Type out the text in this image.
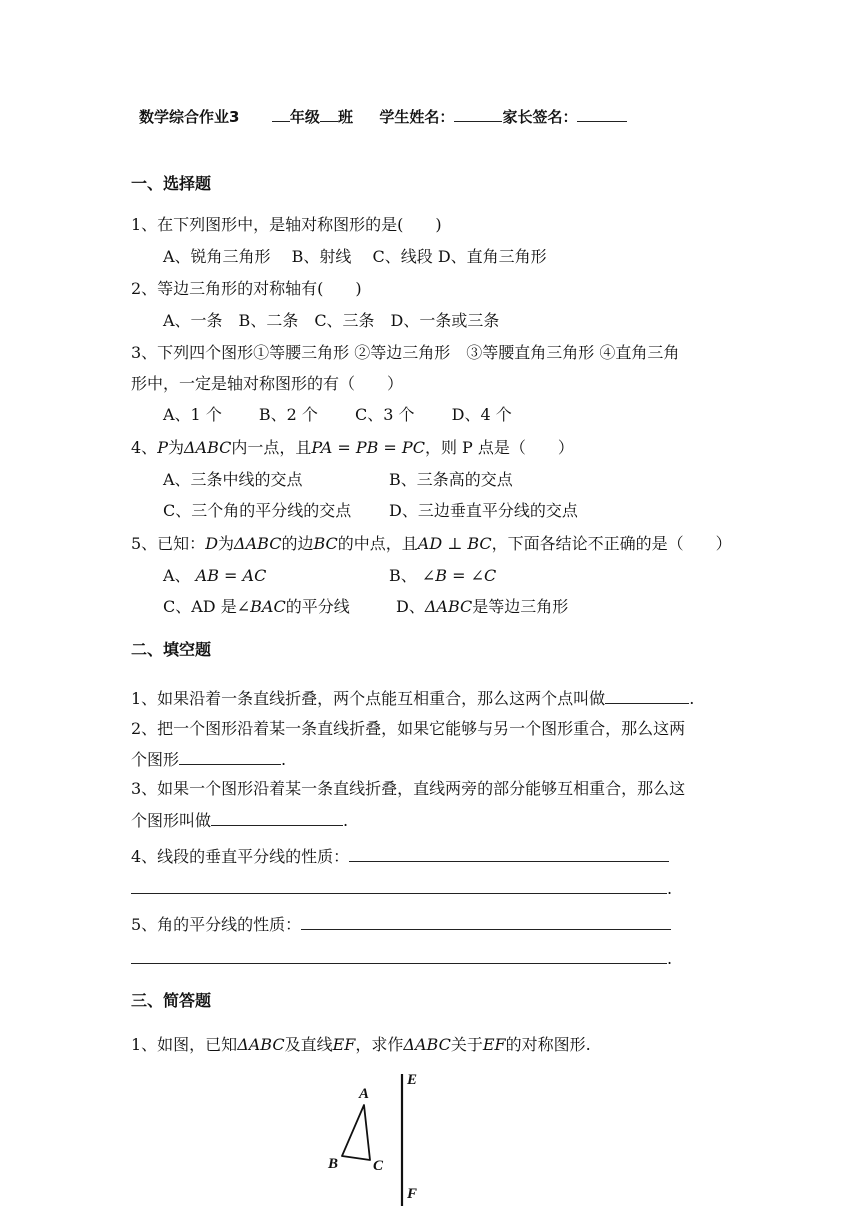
数学综合作业3	年级 班 学生姓名：	家长签名：
一、选择题
1、在下列图形中，是轴对称图形的是(　　)
A、锐角三角形　 B、射线　 C、线段 D、直角三角形
2、等边三角形的对称轴有(　　)
A、一条　B、二条　C、三条　D、一条或三条
3、下列四个图形①等腰三角形 ②等边三角形　③等腰直角三角形 ④直角三角
形中，一定是轴对称图形的有（　　）
A、1 个　　 B、2 个　　 C、3 个　　 D、4 个
4、P为ΔABC内一点，且PA = PB = PC，则 P 点是（　　）
A、三条中线的交点	B、三条高的交点
C、三个角的平分线的交点 D、三边垂直平分线的交点
5、已知：D为ΔABC的边BC的中点，且AD ⊥ BC，下面各结论不正确的是（　　）
A、 AB = AC	B、 ∠B = ∠C
C、AD 是∠BAC的平分线	D、ΔABC是等边三角形
二、填空题
1、如果沿着一条直线折叠，两个点能互相重合，那么这两个点叫做	.
2、把一个图形沿着某一条直线折叠，如果它能够与另一个图形重合，那么这两
个图形	.
3、如果一个图形沿着某一条直线折叠，直线两旁的部分能够互相重合，那么这
个图形叫做	.
4、线段的垂直平分线的性质：
.
5、角的平分线的性质：
.
三、简答题
1、如图，已知ΔABC及直线EF，求作ΔABC关于EF的对称图形.
A
B C
E
F
